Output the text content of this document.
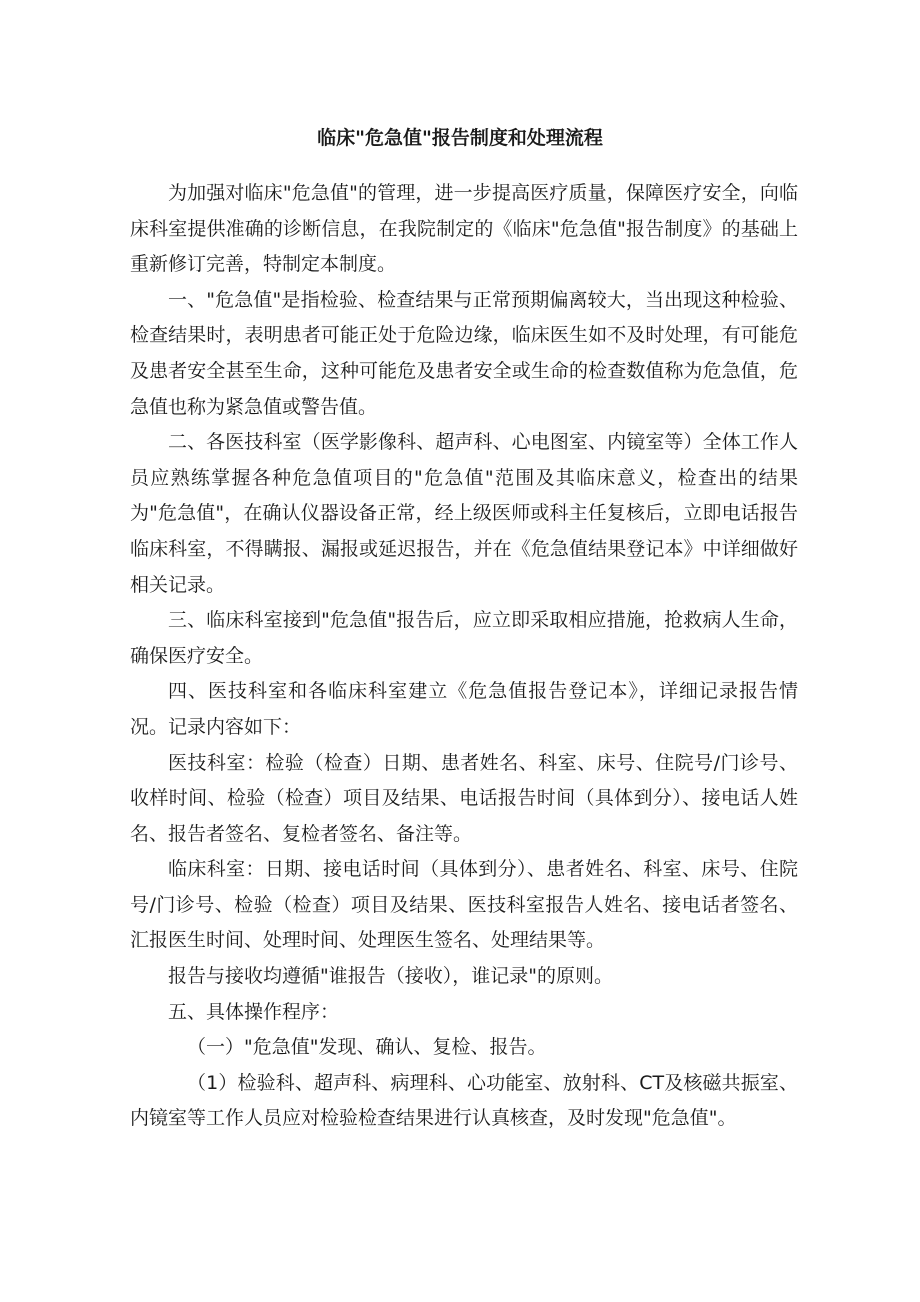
临床"危急值"报告制度和处理流程

为加强对临床"危急值"的管理，进一步提高医疗质量，保障医疗安全，向临床科室提供准确的诊断信息，在我院制定的《临床"危急值"报告制度》的基础上重新修订完善，特制定本制度。

一、"危急值"是指检验、检查结果与正常预期偏离较大，当出现这种检验、检查结果时，表明患者可能正处于危险边缘，临床医生如不及时处理，有可能危及患者安全甚至生命，这种可能危及患者安全或生命的检查数值称为危急值，危急值也称为紧急值或警告值。

二、各医技科室（医学影像科、超声科、心电图室、内镜室等）全体工作人员应熟练掌握各种危急值项目的"危急值"范围及其临床意义，检查出的结果为"危急值"，在确认仪器设备正常，经上级医师或科主任复核后，立即电话报告临床科室，不得瞒报、漏报或延迟报告，并在《危急值结果登记本》中详细做好相关记录。

三、临床科室接到"危急值"报告后，应立即采取相应措施，抢救病人生命，确保医疗安全。

四、医技科室和各临床科室建立《危急值报告登记本》，详细记录报告情况。记录内容如下：

医技科室：检验（检查）日期、患者姓名、科室、床号、住院号/门诊号、收样时间、检验（检查）项目及结果、电话报告时间（具体到分）、接电话人姓名、报告者签名、复检者签名、备注等。

临床科室：日期、接电话时间（具体到分）、患者姓名、科室、床号、住院号/门诊号、检验（检查）项目及结果、医技科室报告人姓名、接电话者签名、汇报医生时间、处理时间、处理医生签名、处理结果等。

报告与接收均遵循"谁报告（接收），谁记录"的原则。

五、具体操作程序：

（一）"危急值"发现、确认、复检、报告。

（1）检验科、超声科、病理科、心功能室、放射科、CT及核磁共振室、内镜室等工作人员应对检验检查结果进行认真核查，及时发现"危急值"。
